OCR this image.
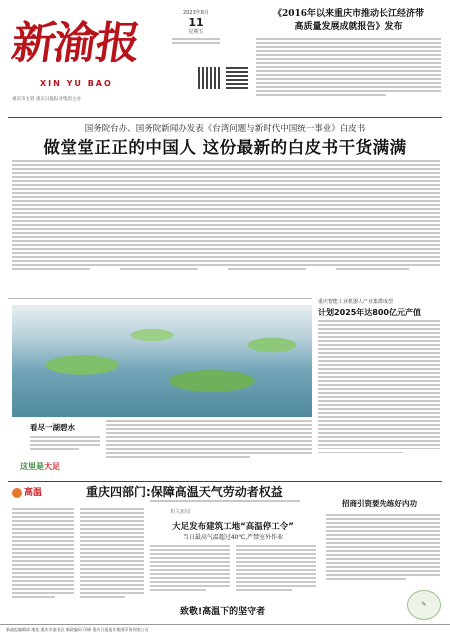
新渝报
XIN YU BAO
重庆市主管 重庆日报报业集团主办
2023年8月
11
星期五
《2016年以来重庆市推动长江经济带
高质量发展成就报告》发布
国务院台办、国务院新闻办发表《台湾问题与新时代中国统一事业》白皮书
做堂堂正正的中国人 这份最新的白皮书干货满满
看尽一湖碧水
这里是大足
重庆智能工业机器人产业集群成型
计划2025年达800亿元产值
高温	重庆四部门:保障高温天气劳动者权益
相关新闻
大足发布建筑工地“高温停工令”
当日最高气温超过40℃,严禁室外作业
致敬!高温下的坚守者
招商引资要先练好内功
✎
新渝报编辑部 地址:重庆市渝北区 邮政编码 印刷 重庆日报报业集团印务有限公司
